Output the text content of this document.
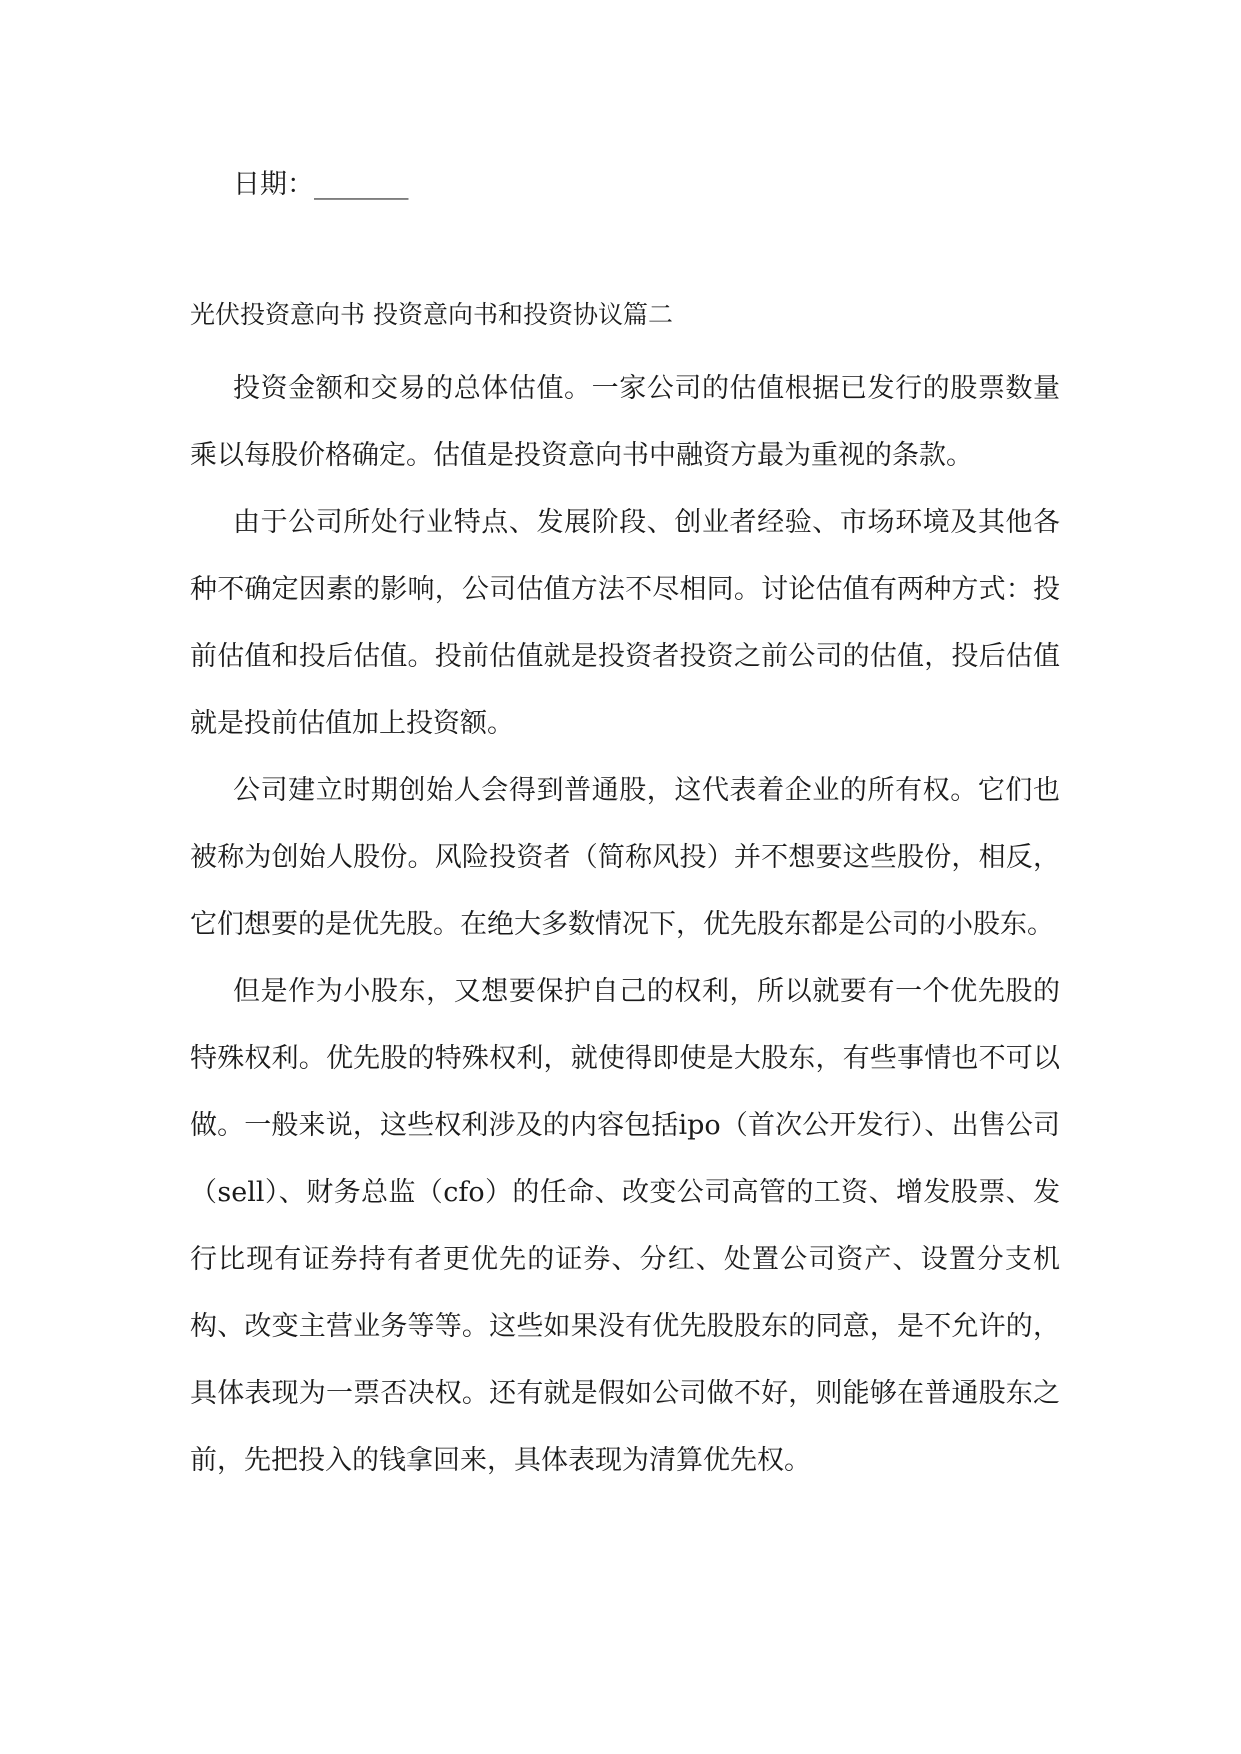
日期：_______
光伏投资意向书 投资意向书和投资协议篇二

投资金额和交易的总体估值。一家公司的估值根据已发行的股票数量乘以每股价格确定。估值是投资意向书中融资方最为重视的条款。

由于公司所处行业特点、发展阶段、创业者经验、市场环境及其他各种不确定因素的影响，公司估值方法不尽相同。讨论估值有两种方式：投前估值和投后估值。投前估值就是投资者投资之前公司的估值，投后估值就是投前估值加上投资额。

公司建立时期创始人会得到普通股，这代表着企业的所有权。它们也被称为创始人股份。风险投资者（简称风投）并不想要这些股份，相反，它们想要的是优先股。在绝大多数情况下，优先股东都是公司的小股东。

但是作为小股东，又想要保护自己的权利，所以就要有一个优先股的特殊权利。优先股的特殊权利，就使得即使是大股东，有些事情也不可以做。一般来说，这些权利涉及的内容包括ipo（首次公开发行）、出售公司（sell）、财务总监（cfo）的任命、改变公司高管的工资、增发股票、发行比现有证券持有者更优先的证券、分红、处置公司资产、设置分支机构、改变主营业务等等。这些如果没有优先股股东的同意，是不允许的，具体表现为一票否决权。还有就是假如公司做不好，则能够在普通股东之前，先把投入的钱拿回来，具体表现为清算优先权。
